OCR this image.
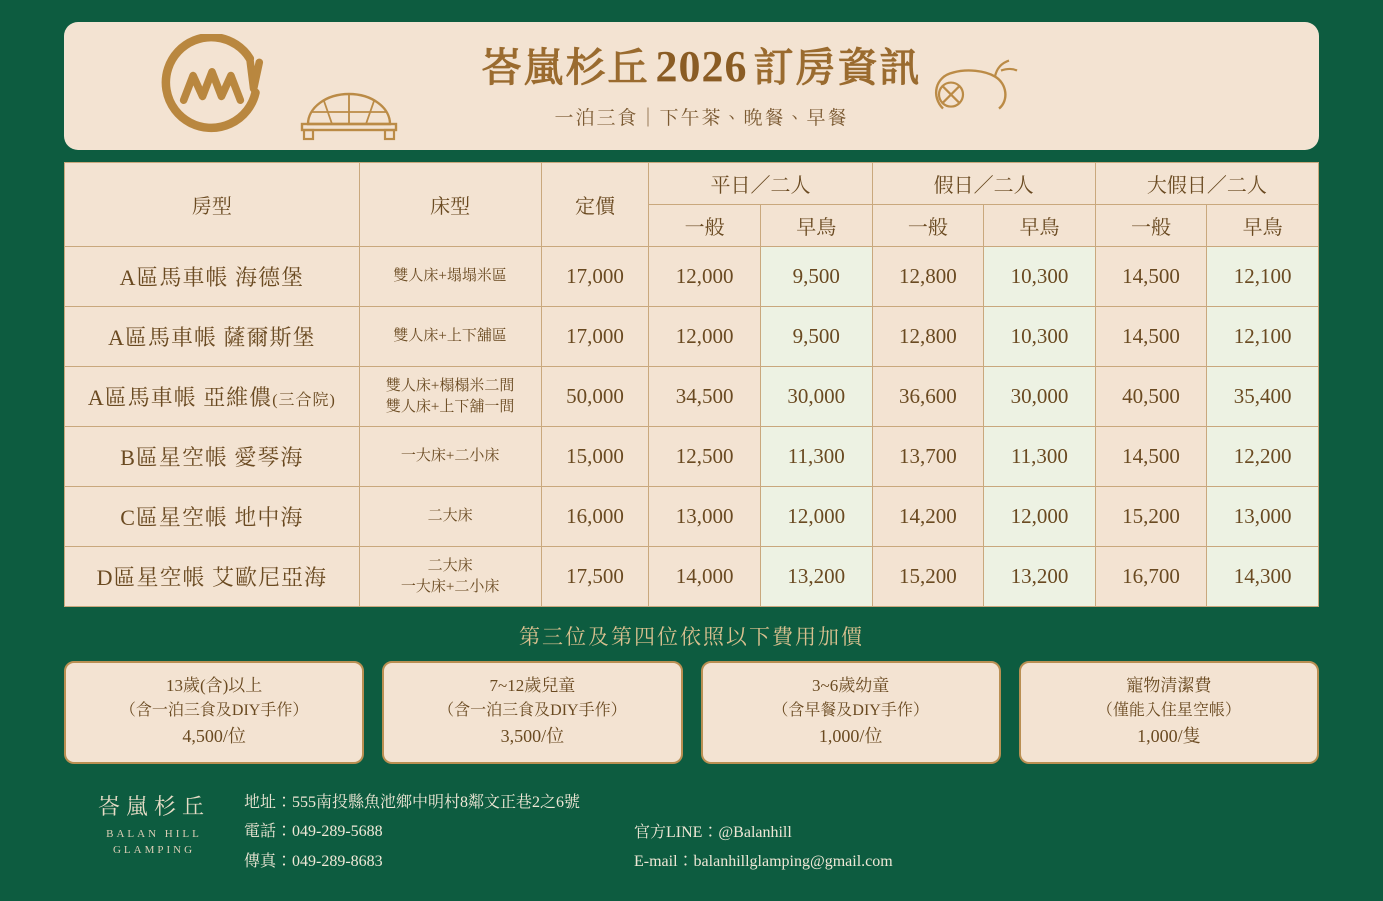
峇嵐杉丘 2026 訂房資訊
一泊三食｜下午茶、晚餐、早餐
房型	床型	定價	平日／二人		假日／二人		大假日／二人	
			一般	早鳥	一般	早鳥	一般	早鳥
A區馬車帳 海德堡	雙人床+塌塌米區	17,000	12,000	9,500	12,800	10,300	14,500	12,100
A區馬車帳 薩爾斯堡	雙人床+上下舖區	17,000	12,000	9,500	12,800	10,300	14,500	12,100
A區馬車帳 亞維儂(三合院)	雙人床+榻榻米二間
雙人床+上下舖一間	50,000	34,500	30,000	36,600	30,000	40,500	35,400
B區星空帳 愛琴海	一大床+二小床	15,000	12,500	11,300	13,700	11,300	14,500	12,200
C區星空帳 地中海	二大床	16,000	13,000	12,000	14,200	12,000	15,200	13,000
D區星空帳 艾歐尼亞海	二大床
一大床+二小床	17,500	14,000	13,200	15,200	13,200	16,700	14,300
第三位及第四位依照以下費用加價
13歲(含)以上
（含一泊三食及DIY手作）
4,500/位
7~12歲兒童
（含一泊三食及DIY手作）
3,500/位
3~6歲幼童
（含早餐及DIY手作）
1,000/位
寵物清潔費
（僅能入住星空帳）
1,000/隻
峇嵐杉丘
BALAN HILL
GLAMPING
地址：555南投縣魚池鄉中明村8鄰文正巷2之6號
電話：049-289-5688
傳真：049-289-8683
官方LINE：@Balanhill
E-mail：balanhillglamping@gmail.com
